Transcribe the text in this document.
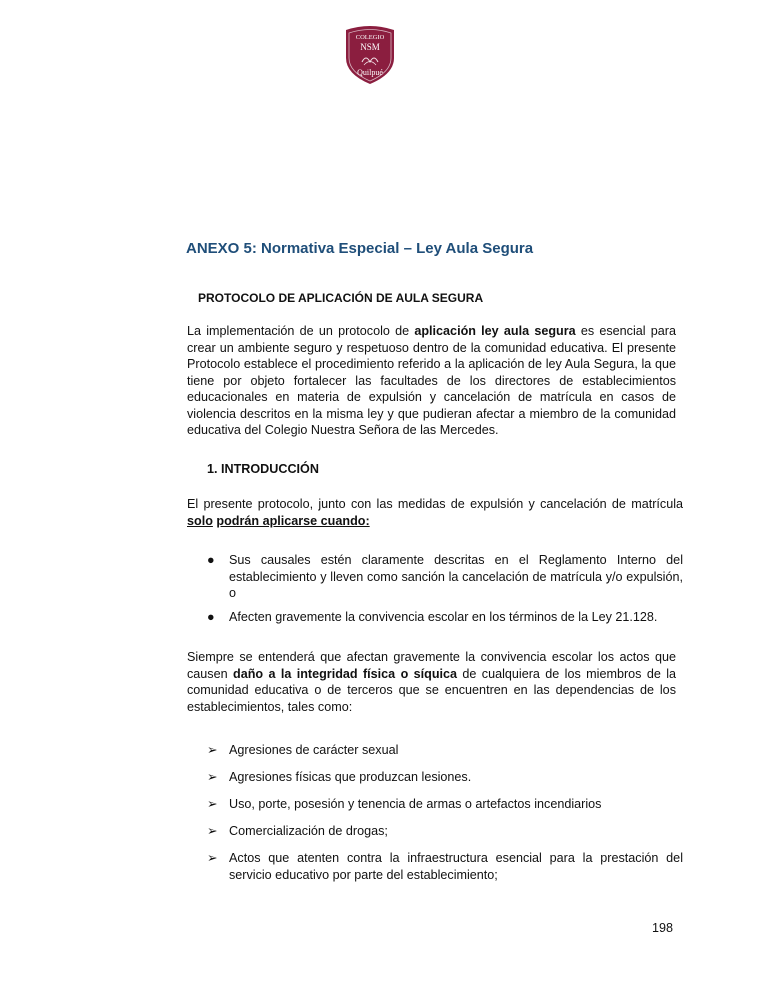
COLEGIO
NSM
Quilpué
ANEXO 5: Normativa Especial – Ley Aula Segura
PROTOCOLO DE APLICACIÓN DE AULA SEGURA
La implementación de un protocolo de aplicación ley aula segura es esencial para crear un ambiente seguro y respetuoso dentro de la comunidad educativa. El presente Protocolo establece el procedimiento referido a la aplicación de ley Aula Segura, la que tiene por objeto fortalecer las facultades de los directores de establecimientos educacionales en materia de expulsión y cancelación de matrícula en casos de violencia descritos en la misma ley y que pudieran afectar a miembro de la comunidad educativa del Colegio Nuestra Señora de las Mercedes.
1. INTRODUCCIÓN
El presente protocolo, junto con las medidas de expulsión y cancelación de matrícula solo podrán aplicarse cuando:
●	Sus causales estén claramente descritas en el Reglamento Interno del establecimiento y lleven como sanción la cancelación de matrícula y/o expulsión, o
●	Afecten gravemente la convivencia escolar en los términos de la Ley 21.128.
Siempre se entenderá que afectan gravemente la convivencia escolar los actos que causen daño a la integridad física o síquica de cualquiera de los miembros de la comunidad educativa o de terceros que se encuentren en las dependencias de los establecimientos, tales como:
➢ Agresiones de carácter sexual
➢ Agresiones físicas que produzcan lesiones.
➢ Uso, porte, posesión y tenencia de armas o artefactos incendiarios
➢ Comercialización de drogas;
➢ Actos que atenten contra la infraestructura esencial para la prestación del servicio educativo por parte del establecimiento;
198
